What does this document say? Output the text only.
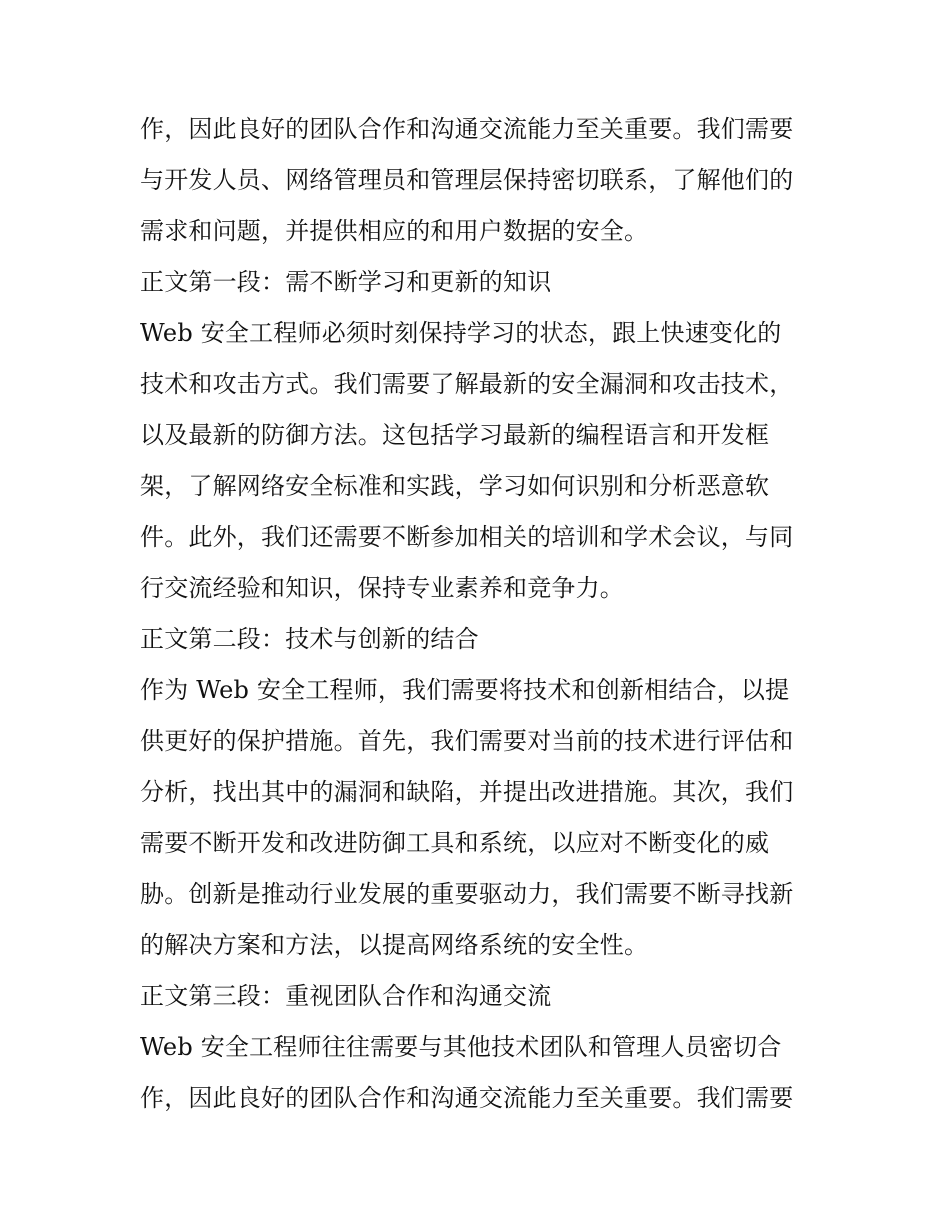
作，因此良好的团队合作和沟通交流能力至关重要。我们需要
与开发人员、网络管理员和管理层保持密切联系，了解他们的
需求和问题，并提供相应的和用户数据的安全。
正文第一段：需不断学习和更新的知识
Web 安全工程师必须时刻保持学习的状态，跟上快速变化的
技术和攻击方式。我们需要了解最新的安全漏洞和攻击技术，
以及最新的防御方法。这包括学习最新的编程语言和开发框
架，了解网络安全标准和实践，学习如何识别和分析恶意软
件。此外，我们还需要不断参加相关的培训和学术会议，与同
行交流经验和知识，保持专业素养和竞争力。
正文第二段：技术与创新的结合
作为 Web 安全工程师，我们需要将技术和创新相结合，以提
供更好的保护措施。首先，我们需要对当前的技术进行评估和
分析，找出其中的漏洞和缺陷，并提出改进措施。其次，我们
需要不断开发和改进防御工具和系统，以应对不断变化的威
胁。创新是推动行业发展的重要驱动力，我们需要不断寻找新
的解决方案和方法，以提高网络系统的安全性。
正文第三段：重视团队合作和沟通交流
Web 安全工程师往往需要与其他技术团队和管理人员密切合
作，因此良好的团队合作和沟通交流能力至关重要。我们需要
